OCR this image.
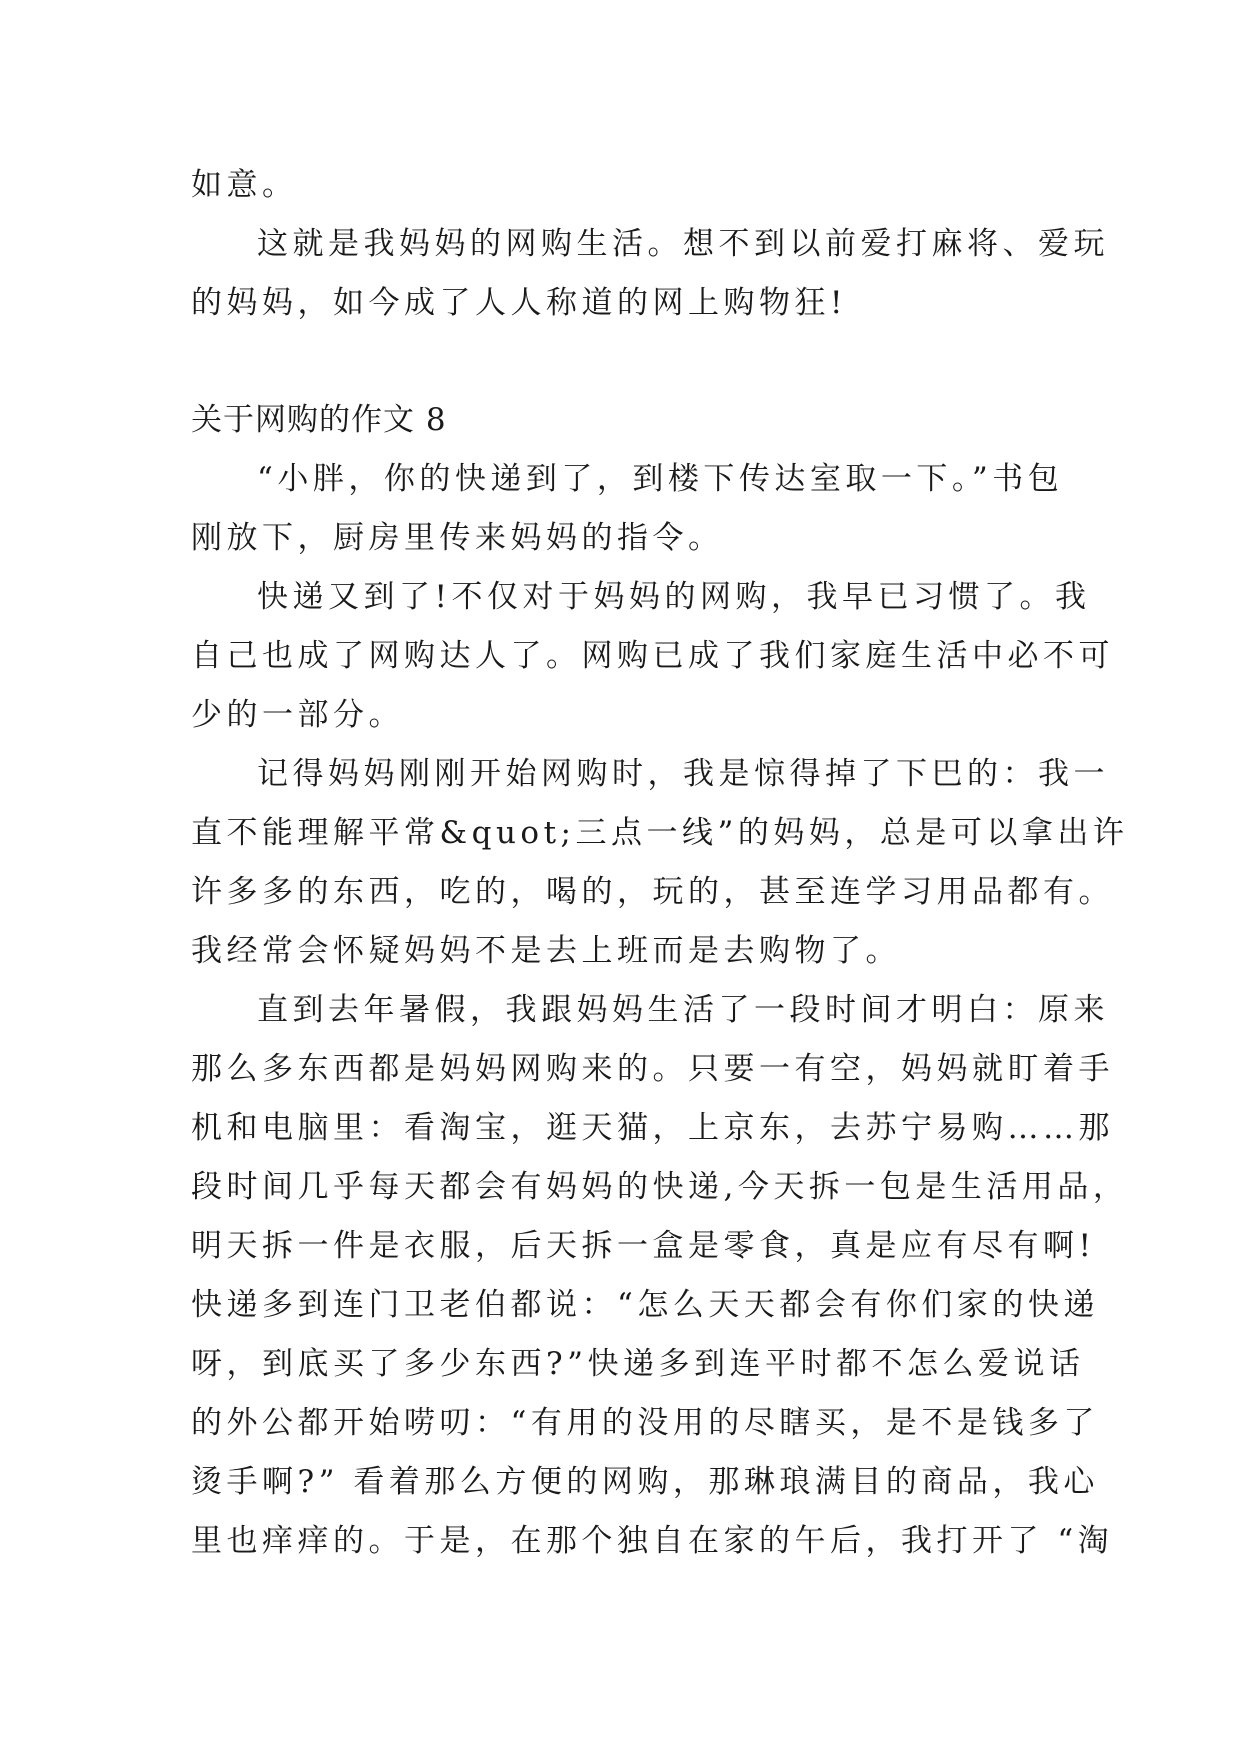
如意。
这就是我妈妈的网购生活。想不到以前爱打麻将、爱玩
的妈妈，如今成了人人称道的网上购物狂!
关于网购的作文 8
“小胖，你的快递到了，到楼下传达室取一下。”书包
刚放下，厨房里传来妈妈的指令。
快递又到了!不仅对于妈妈的网购，我早已习惯了。我
自己也成了网购达人了。网购已成了我们家庭生活中必不可
少的一部分。
记得妈妈刚刚开始网购时，我是惊得掉了下巴的：我一
直不能理解平常&quot;三点一线”的妈妈，总是可以拿出许
许多多的东西，吃的，喝的，玩的，甚至连学习用品都有。
我经常会怀疑妈妈不是去上班而是去购物了。
直到去年暑假，我跟妈妈生活了一段时间才明白：原来
那么多东西都是妈妈网购来的。只要一有空，妈妈就盯着手
机和电脑里：看淘宝，逛天猫，上京东，去苏宁易购……那
段时间几乎每天都会有妈妈的快递,今天拆一包是生活用品，
明天拆一件是衣服，后天拆一盒是零食，真是应有尽有啊!
快递多到连门卫老伯都说：“怎么天天都会有你们家的快递
呀，到底买了多少东西?”快递多到连平时都不怎么爱说话
的外公都开始唠叨：“有用的没用的尽瞎买，是不是钱多了
烫手啊?” 看着那么方便的网购，那琳琅满目的商品，我心
里也痒痒的。于是，在那个独自在家的午后，我打开了 “淘
